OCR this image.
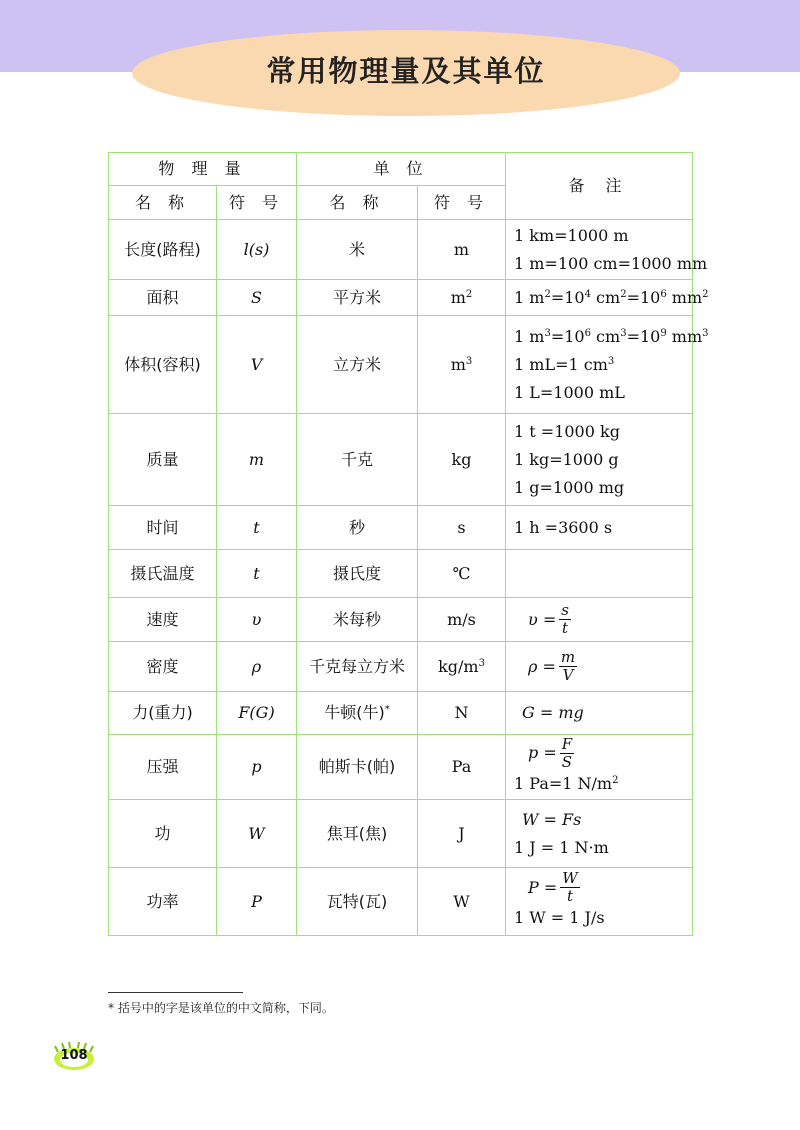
常用物理量及其单位
物 理 量		单 位		备 注
名 称	符 号	名 称	符 号	
长度(路程)	l(s)	米	m	1 km=1000 m
1 m=100 cm=1000 mm

面积	S	平方米	$m^2$	1 $m^2=10^4$ $cm^2=10^6$ $mm^2$

体积(容积)	V	立方米	$m^3$	1 $m^3=10^6$ $cm^3=10^9$ $mm^3$
1 mL=1 $cm^3$
1 L=1000 mL

质量	m	千克	kg	1 t =1000 kg
1 kg=1000 g
1 g=1000 mg

时间	t	秒	s	1 h =3600 s

摄氏温度	t	摄氏度	℃	
速度	υ	米每秒	m/s	$\upsilon = \frac{s}{t}$

密度	ρ	千克每立方米	$kg/m^3$	$\rho = \frac{m}{V}$

力(重力)	F(G)	牛顿(牛)*	N	G = mg

压强	p	帕斯卡(帕)	Pa	$p = \frac{F}{S}$
1 Pa=1 $N/m^2$

功	W	焦耳(焦)	J	W = Fs
1 J = 1 N·m

功率	P	瓦特(瓦)	W	$P = \frac{W}{t}$
1 W = 1 J/s
* 括号中的字是该单位的中文简称，下同。
108
